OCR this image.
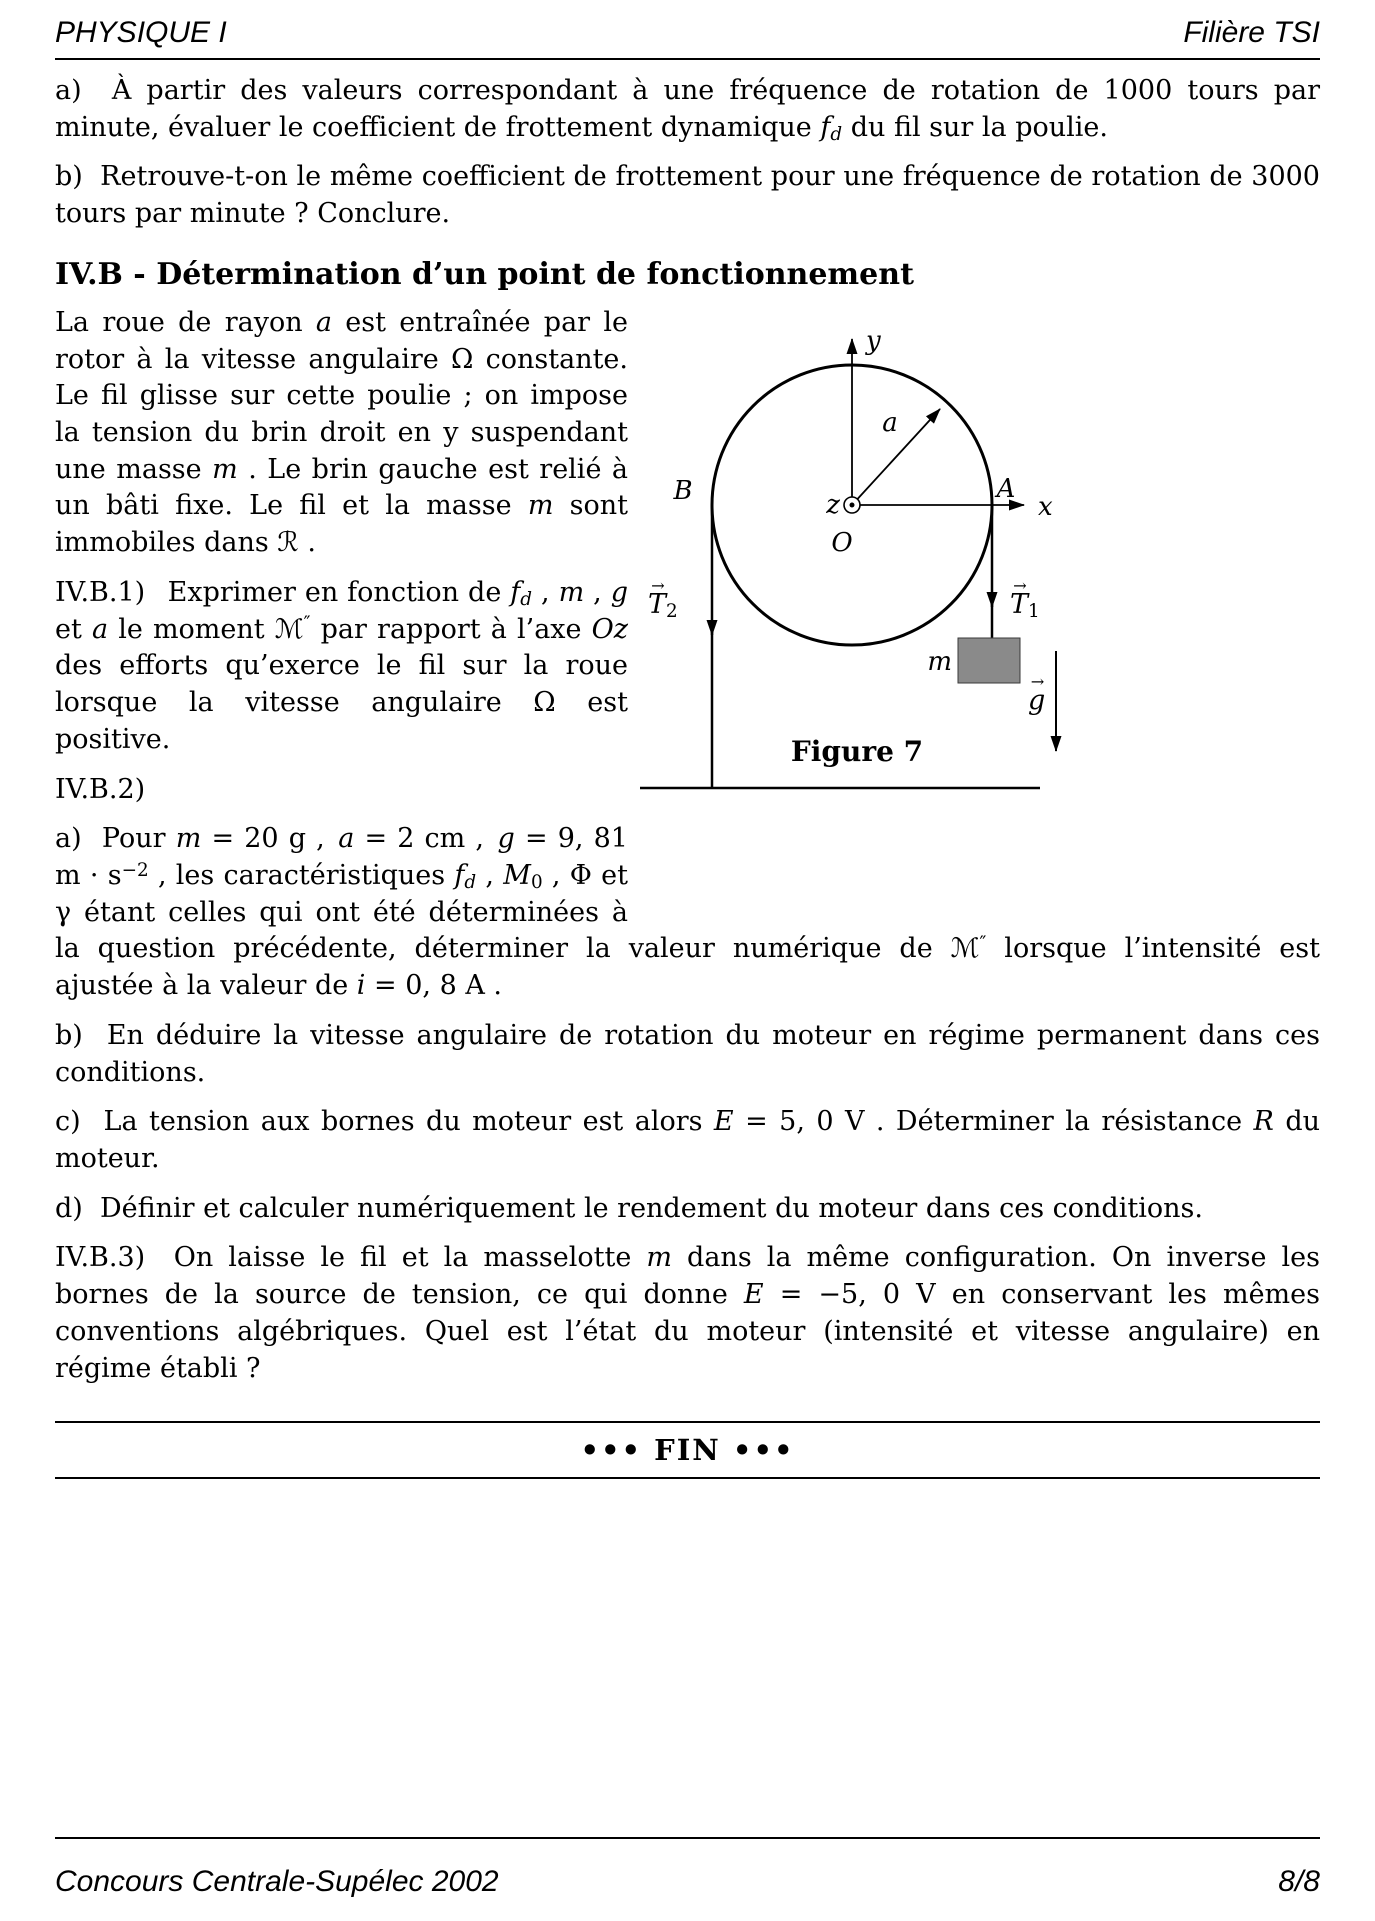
PHYSIQUE I	Filière TSI

a)  À partir des valeurs correspondant à une fréquence de rotation de 1000 tours par minute, évaluer le coefficient de frottement dynamique fd du fil sur la poulie.

b)  Retrouve-t-on le même coefficient de frottement pour une fréquence de rotation de 3000 tours par minute ? Conclure.

IV.B - Détermination d’un point de fonctionnement
y
x
z
O
a
B	A
m
Figure 7
→
T2
→
T1
→
g

La roue de rayon a est entraînée par le rotor à la vitesse angulaire Ω constante. Le fil glisse sur cette poulie ; on impose la tension du brin droit en y suspendant une masse m . Le brin gauche est relié à un bâti fixe. Le fil et la masse m sont immobiles dans ℛ .

IV.B.1)  Exprimer en fonction de fd , m , g et a le moment ℳ″ par rapport à l’axe Oz des efforts qu’exerce le fil sur la roue lorsque la vitesse angulaire Ω est positive.

IV.B.2)

a)  Pour m = 20 g , a = 2 cm , g = 9, 81 $m \cdot s^{-2}$ , les caractéristiques fd , M0 , Φ et γ étant celles qui ont été déterminées à la question précédente, déterminer la valeur numérique de ℳ″ lorsque l’intensité est ajustée à la valeur de i = 0, 8 A .

b)  En déduire la vitesse angulaire de rotation du moteur en régime permanent dans ces conditions.

c)  La tension aux bornes du moteur est alors E = 5, 0 V . Déterminer la résistance R du moteur.

d)  Définir et calculer numériquement le rendement du moteur dans ces conditions.

IV.B.3)  On laisse le fil et la masselotte m dans la même configuration. On inverse les bornes de la source de tension, ce qui donne E = −5, 0 V en conservant les mêmes conventions algébriques. Quel est l’état du moteur (intensité et vitesse angulaire) en régime établi ?

••• FIN •••
Concours Centrale-Supélec 2002	8/8
